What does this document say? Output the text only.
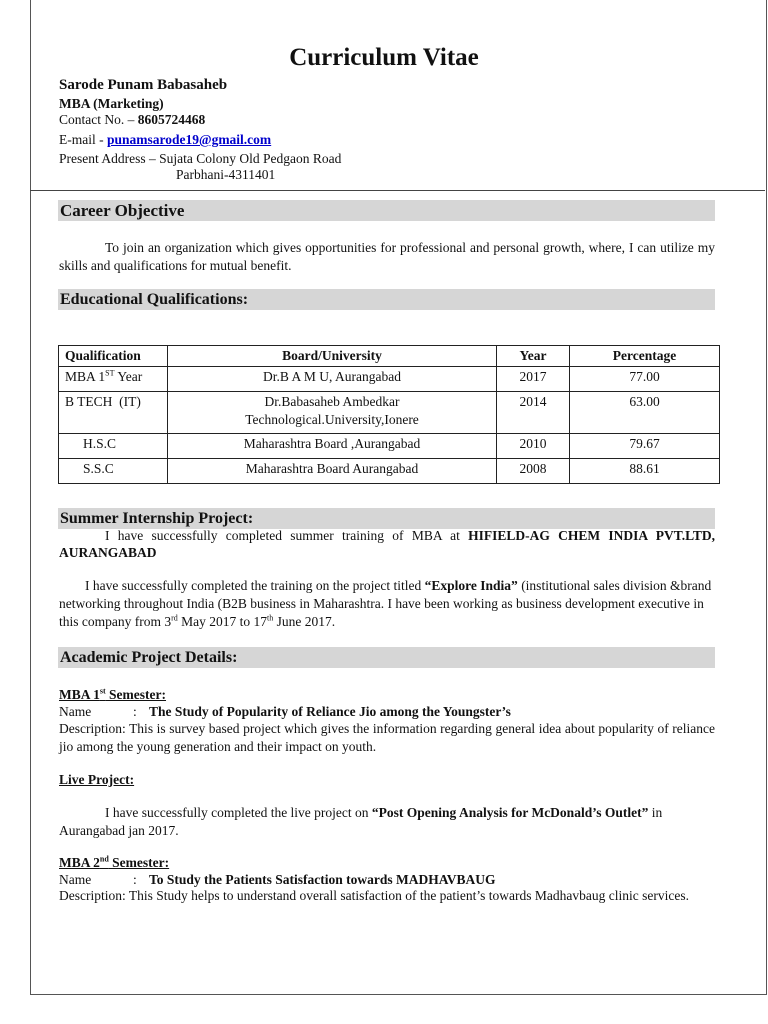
Curriculum Vitae
Sarode Punam Babasaheb
MBA (Marketing)
Contact No. – 8605724468
E-mail - punamsarode19@gmail.com
Present Address – Sujata Colony Old Pedgaon Road
Parbhani-4311401
Career Objective
To join an organization which gives opportunities for professional and personal growth, where, I can utilize my skills and qualifications for mutual benefit.
Educational Qualifications:
Qualification	Board/University	Year	Percentage
MBA 1ST Year	Dr.B A M U, Aurangabad	2017	77.00
B TECH  (IT)	Dr.Babasaheb Ambedkar
Technological.University,Ionere	2014	63.00
H.S.C	Maharashtra Board ,Aurangabad	2010	79.67
S.S.C	Maharashtra Board Aurangabad	2008	88.61
Summer Internship Project:
I have successfully completed summer training of MBA at HIFIELD-AG CHEM INDIA PVT.LTD, AURANGABAD
I have successfully completed the training on the project titled “Explore India” (institutional sales division &brand networking throughout India (B2B business in Maharashtra. I have been working as business development executive in this company from 3rd May 2017 to 17th June 2017.
Academic Project Details:
MBA 1st Semester:
Name	: The Study of Popularity of Reliance Jio among the Youngster’s
Description: This is survey based project which gives the information regarding general idea about popularity of reliance jio among the young generation and their impact on youth.
Live Project:
I have successfully completed the live project on “Post Opening Analysis for McDonald’s Outlet” in Aurangabad jan 2017.
MBA 2nd Semester:
Name	: To Study the Patients Satisfaction towards MADHAVBAUG
Description: This Study helps to understand overall satisfaction of the patient’s towards Madhavbaug clinic services.
